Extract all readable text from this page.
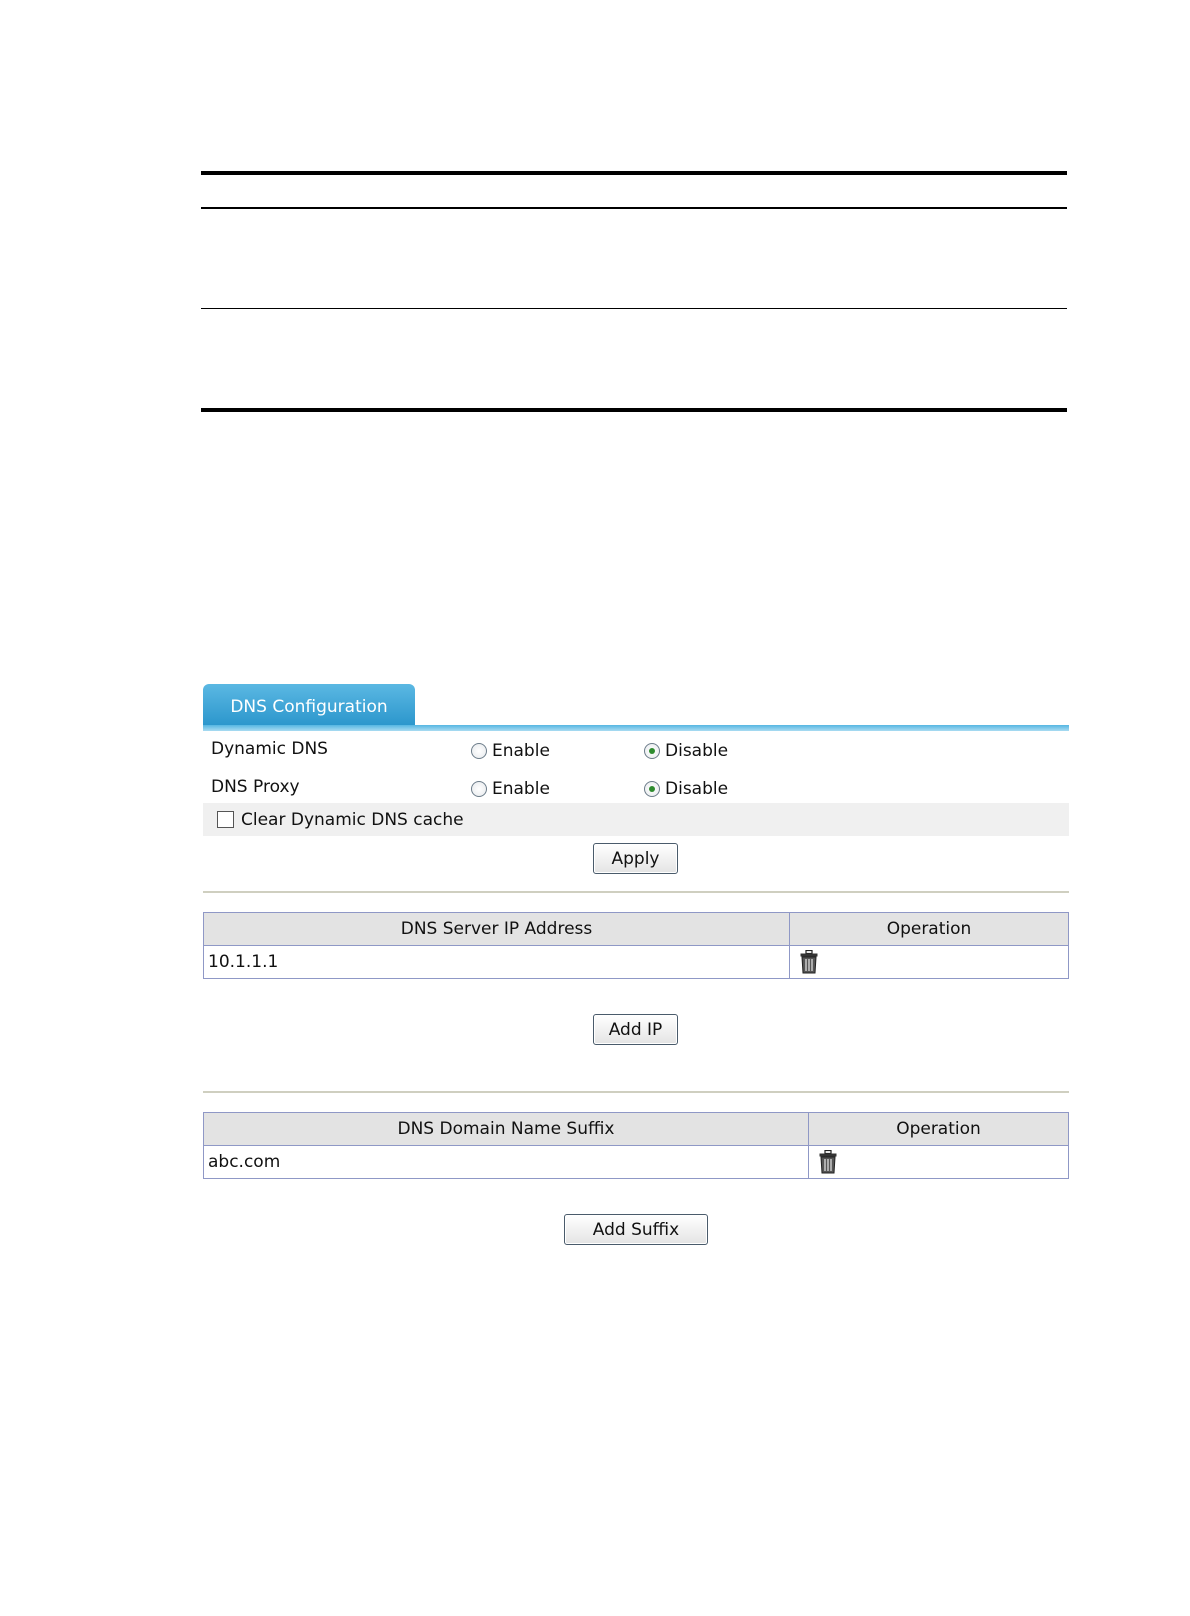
DNS Configuration
Dynamic DNS	Enable	Disable
DNS Proxy	Enable	Disable
Clear Dynamic DNS cache
Apply
DNS Server IP Address	Operation
10.1.1.1	
Add IP
DNS Domain Name Suffix	Operation
abc.com	
Add Suffix
